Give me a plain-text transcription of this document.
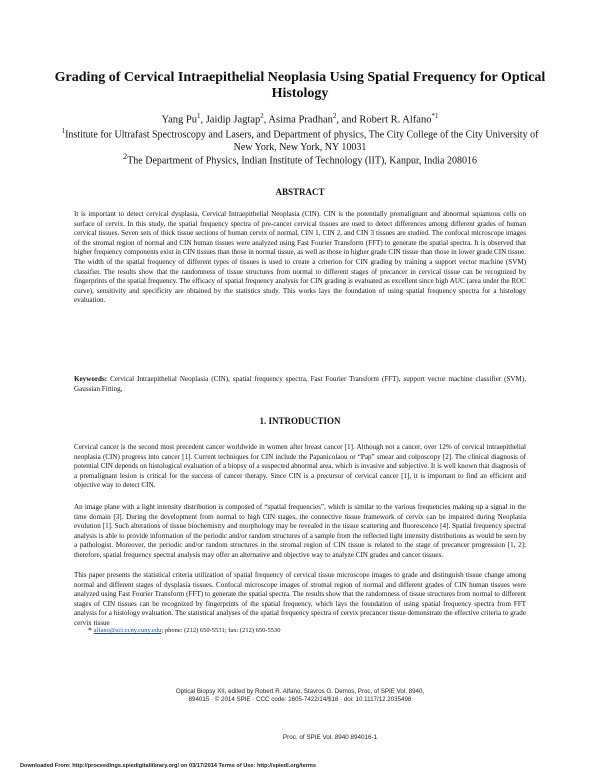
Grading of Cervical Intraepithelial Neoplasia Using Spatial Frequency for Optical Histology
Yang Pu$^1$, Jaidip Jagtap$^2$, Asima Pradhan$^2$, and Robert R. Alfano$^{*1}$
$^1$Institute for Ultrafast Spectroscopy and Lasers, and Department of physics, The City College of the City University of New York, New York, NY 10031
$^2$The Department of Physics, Indian Institute of Technology (IIT), Kanpur, India 208016
ABSTRACT

It is important to detect cervical dysplasia, Cervical Intraepithelial Neoplasia (CIN). CIN is the potentially premalignant and abnormal squamous cells on surface of cervix. In this study, the spatial frequency spectra of pre-cancer cervical tissues are used to detect differences among different grades of human cervical tissues. Seven sets of thick tissue sections of human cervix of normal, CIN 1, CIN 2, and CIN 3 tissues are studied. The confocal microscope images of the stromal region of normal and CIN human tissues were analyzed using Fast Fourier Transform (FFT) to generate the spatial spectra. It is observed that higher frequency components exist in CIN tissues than those in normal tissue, as well as those in higher grade CIN tissue than those in lower grade CIN tissue. The width of the spatial frequency of different types of tissues is used to create a criterion for CIN grading by training a support vector machine (SVM) classifier. The results show that the randomness of tissue structures from normal to different stages of precancer in cervical tissue can be recognized by fingerprints of the spatial frequency. The efficacy of spatial frequency analysis for CIN grading is evaluated as excellent since high AUC (area under the ROC curve), sensitivity and specificity are obtained by the statistics study. This works lays the foundation of using spatial frequency spectra for a histology evaluation.

Keywords: Cervical Intraepithelial Neoplasia (CIN), spatial frequency spectra, Fast Fourier Transform (FFT), support vector machine classifier (SVM), Gaussian Fitting,

1. INTRODUCTION

Cervical cancer is the second most precedent cancer worldwide in women after breast cancer [1]. Although not a cancer, over 12% of cervical intraepithelial neoplasia (CIN) progress into cancer [1]. Current techniques for CIN include the Papanicolaou or “Pap” smear and colposcopy [2]. The clinical diagnosis of potential CIN depends on histological evaluation of a biopsy of a suspected abnormal area, which is invasive and subjective. It is well known that diagnosis of a premalignant lesion is critical for the success of cancer therapy. Since CIN is a precursor of cervical cancer [1], it is important to find an efficient and objective way to detect CIN.

An image plane with a light intensity distribution is composed of “spatial frequencies”, which is similar to the various frequencies making up a signal in the time domain [3]. During the development from normal to high CIN stages, the connective tissue framework of cervix can be impaired during Neoplasia evolution [1]. Such alterations of tissue biochemistry and morphology may be revealed in the tissue scattering and fluorescence [4]. Spatial frequency spectral analysis is able to provide information of the periodic and/or random structures of a sample from the reflected light intensity distributions as would be seen by a pathologist. Moreover, the periodic and/or random structures in the stromal region of CIN tissue is related to the stage of precancer progression [1, 2]; therefore, spatial frequency spectral analysis may offer an alternative and objective way to analyze CIN grades and cancer tissues.

This paper presents the statistical criteria utilization of spatial frequency of cervical tissue microscope images to grade and distinguish tissue change among normal and different stages of dysplasia tissues. Confocal microscope images of stromal region of normal and different grades of CIN human tissues were analyzed using Fast Fourier Transform (FFT) to generate the spatial spectra. The results show that the randomness of tissue structures from normal to different stages of CIN tissues can be recognized by fingerprints of the spatial frequency, which lays the foundation of using spatial frequency spectra from FFT analysis for a histology evaluation. The statistical analyses of the spatial frequency spectra of cervix precancer tissue demonstrate the effective criteria to grade cervix tissue

* alfano@sci.ccny.cuny.edu; phone: (212) 650-5531; fax: (212) 650-5530
Optical Biopsy XII, edited by Robert R. Alfano, Stavros G. Demos, Proc. of SPIE Vol. 8940,
894015 · © 2014 SPIE · CCC code: 1605-7422/14/$18 · doi: 10.1117/12.2035498
Proc. of SPIE Vol. 8940 894016-1
Downloaded From: http://proceedings.spiedigitallibrary.org/ on 03/17/2014 Terms of Use: http://spiedl.org/terms
